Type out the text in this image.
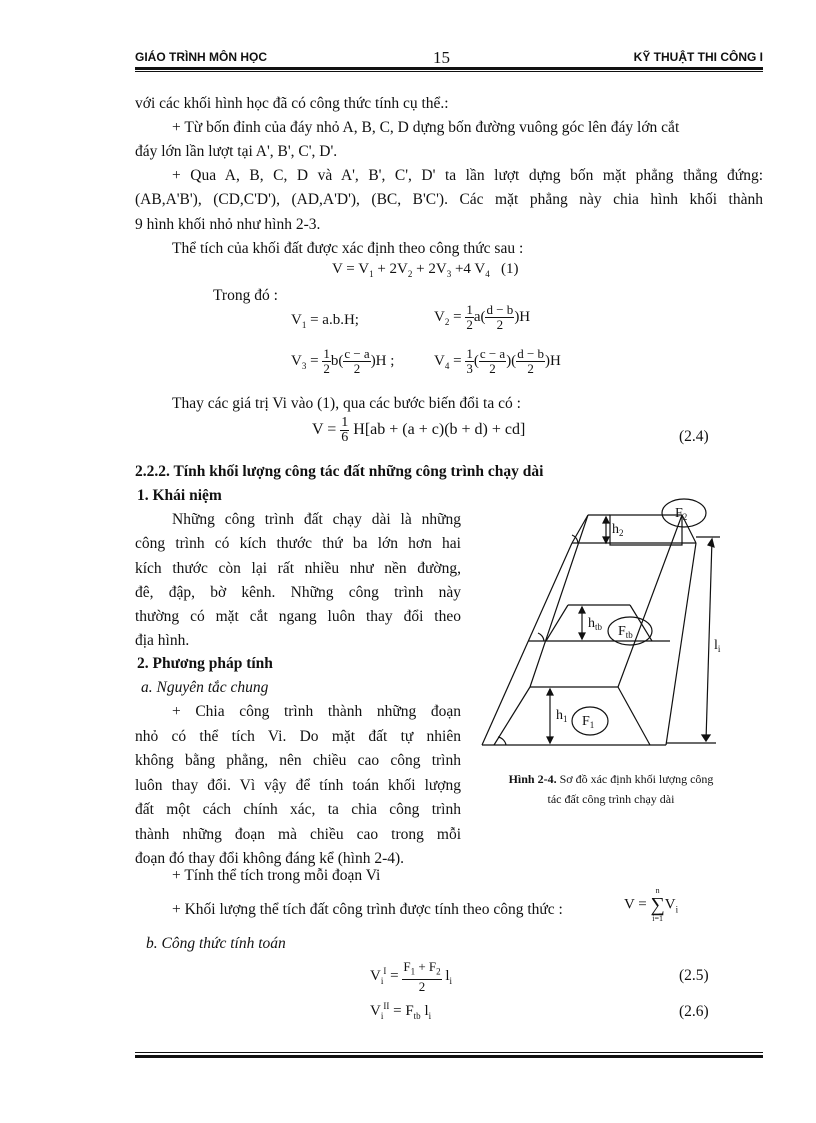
GIÁO TRÌNH MÔN HỌC	15	KỸ THUẬT THI CÔNG I
với các khối hình học đã có công thức tính cụ thể.:
+ Từ bốn đỉnh của đáy nhỏ A, B, C, D dựng bốn đường vuông góc lên đáy lớn cắt
đáy lớn lần lượt tại A', B', C', D'.
+ Qua A, B, C, D và A', B', C', D' ta lần lượt dựng bốn mặt phẳng thẳng đứng:
(AB,A'B'), (CD,C'D'), (AD,A'D'), (BC, B'C'). Các mặt phẳng này chia hình khối thành
9 hình khối nhỏ như hình 2-3.
Thể tích của khối đất được xác định theo công thức sau :
$V = V_1 + 2V_2 + 2V_3 +4$ $V_4$ (1)
Trong đó :
$V_1 = a.b.H$;	$V_2 = \frac{1}{2} a( \frac{d - b}{2} )H$
$V_3 = \frac{1}{2} b( \frac{c - a}{2} )H$ ;	$V_4 = \frac{1}{3}$ ( $\frac{c - a}{2}$ )( $\frac{d - b}{2} )H$
Thay các giá trị Vi vào (1), qua các bước biến đổi ta có :
$V = \frac{1}{6} H[ab + (a + c)(b + d) + cd]$	(2.4)
2.2.2. Tính khối lượng công tác đất những công trình chạy dài
1. Khái niệm
Những công trình đất chạy dài là những
công trình có kích thước thứ ba lớn hơn hai
kích thước còn lại rất nhiều như nền đường,
đê, đập, bờ kênh. Những công trình này
thường có mặt cắt ngang luôn thay đổi theo
địa hình.
2. Phương pháp tính
a. Nguyên tắc chung
+ Chia công trình thành những đoạn
nhỏ có thể tích Vi. Do mặt đất tự nhiên
không bằng phẳng, nên chiều cao công trình
luôn thay đổi. Vì vậy để tính toán khối lượng
đất một cách chính xác, ta chia công trình
thành những đoạn mà chiều cao trong mỗi
đoạn đó thay đổi không đáng kể (hình 2-4).
+ Tính thể tích trong mỗi đoạn Vi
+ Khối lượng thể tích đất công trình được tính theo công thức :	V =
n
∑
i=1
$V_i$
b. Công thức tính toán
$V_i^I = \frac{F_1 + F_2}{2} l_i$	(2.5)
$V_i^{II} = F_{tb}$ $l_i$	(2.6)
$h_2$
$F_2$
$h_{tb}$ $F_{tb}$
$l_i$
$h_1$ $F_1$
Hình 2-4. Sơ đồ xác định khối lượng công
tác đất công trình chạy dài
